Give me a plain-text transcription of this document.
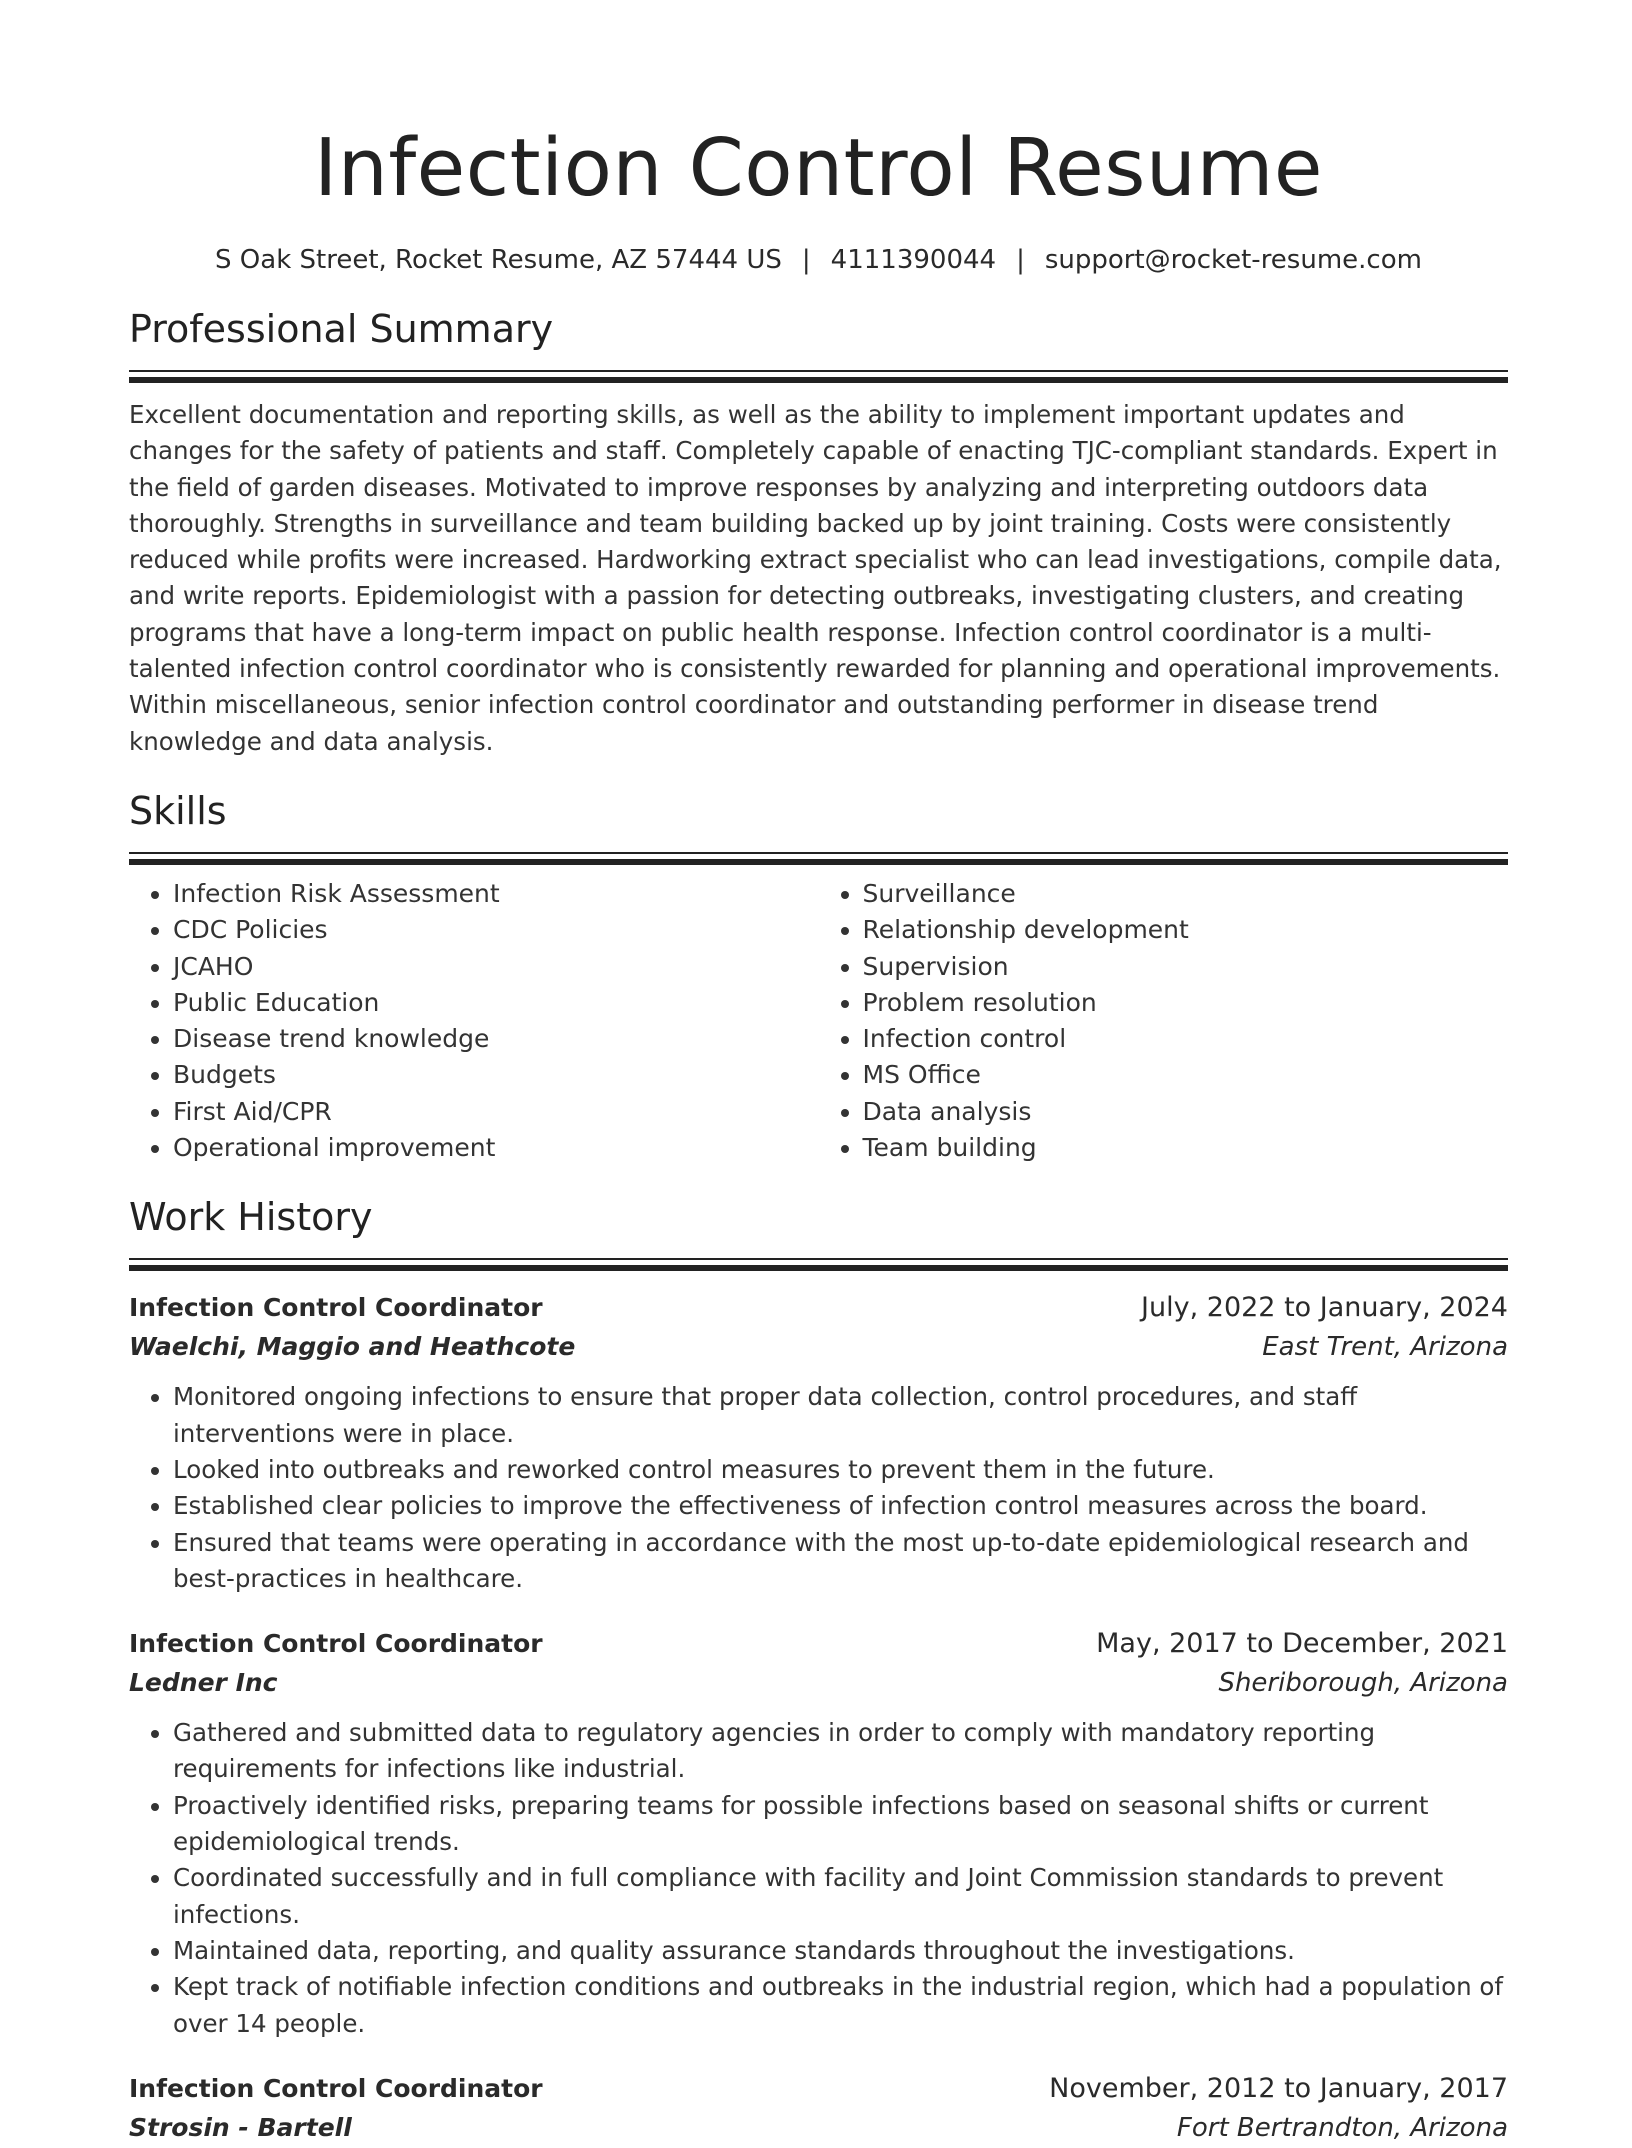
Infection Control Resume
S Oak Street, Rocket Resume, AZ 57444 US | 4111390044 | support@rocket-resume.com
Professional Summary

Excellent documentation and reporting skills, as well as the ability to implement important updates and changes for the safety of patients and staff. Completely capable of enacting TJC-compliant standards. Expert in the field of garden diseases. Motivated to improve responses by analyzing and interpreting outdoors data thoroughly. Strengths in surveillance and team building backed up by joint training. Costs were consistently reduced while profits were increased. Hardworking extract specialist who can lead investigations, compile data, and write reports. Epidemiologist with a passion for detecting outbreaks, investigating clusters, and creating programs that have a long-term impact on public health response. Infection control coordinator is a multi-talented infection control coordinator who is consistently rewarded for planning and operational improvements. Within miscellaneous, senior infection control coordinator and outstanding performer in disease trend knowledge and data analysis.

Skills
• Infection Risk Assessment
• CDC Policies
• JCAHO
• Public Education
• Disease trend knowledge
• Budgets
• First Aid/CPR
• Operational improvement
• Surveillance
• Relationship development
• Supervision
• Problem resolution
• Infection control
• MS Office
• Data analysis
• Team building
Work History
Infection Control Coordinator	July, 2022 to January, 2024
Waelchi, Maggio and Heathcote	East Trent, Arizona
• Monitored ongoing infections to ensure that proper data collection, control procedures, and staff interventions were in place.
• Looked into outbreaks and reworked control measures to prevent them in the future.
• Established clear policies to improve the effectiveness of infection control measures across the board.
• Ensured that teams were operating in accordance with the most up-to-date epidemiological research and best-practices in healthcare.
Infection Control Coordinator	May, 2017 to December, 2021
Ledner Inc	Sheriborough, Arizona
• Gathered and submitted data to regulatory agencies in order to comply with mandatory reporting requirements for infections like industrial.
• Proactively identified risks, preparing teams for possible infections based on seasonal shifts or current epidemiological trends.
• Coordinated successfully and in full compliance with facility and Joint Commission standards to prevent infections.
• Maintained data, reporting, and quality assurance standards throughout the investigations.
• Kept track of notifiable infection conditions and outbreaks in the industrial region, which had a population of over 14 people.
Infection Control Coordinator	November, 2012 to January, 2017
Strosin - Bartell	Fort Bertrandton, Arizona
